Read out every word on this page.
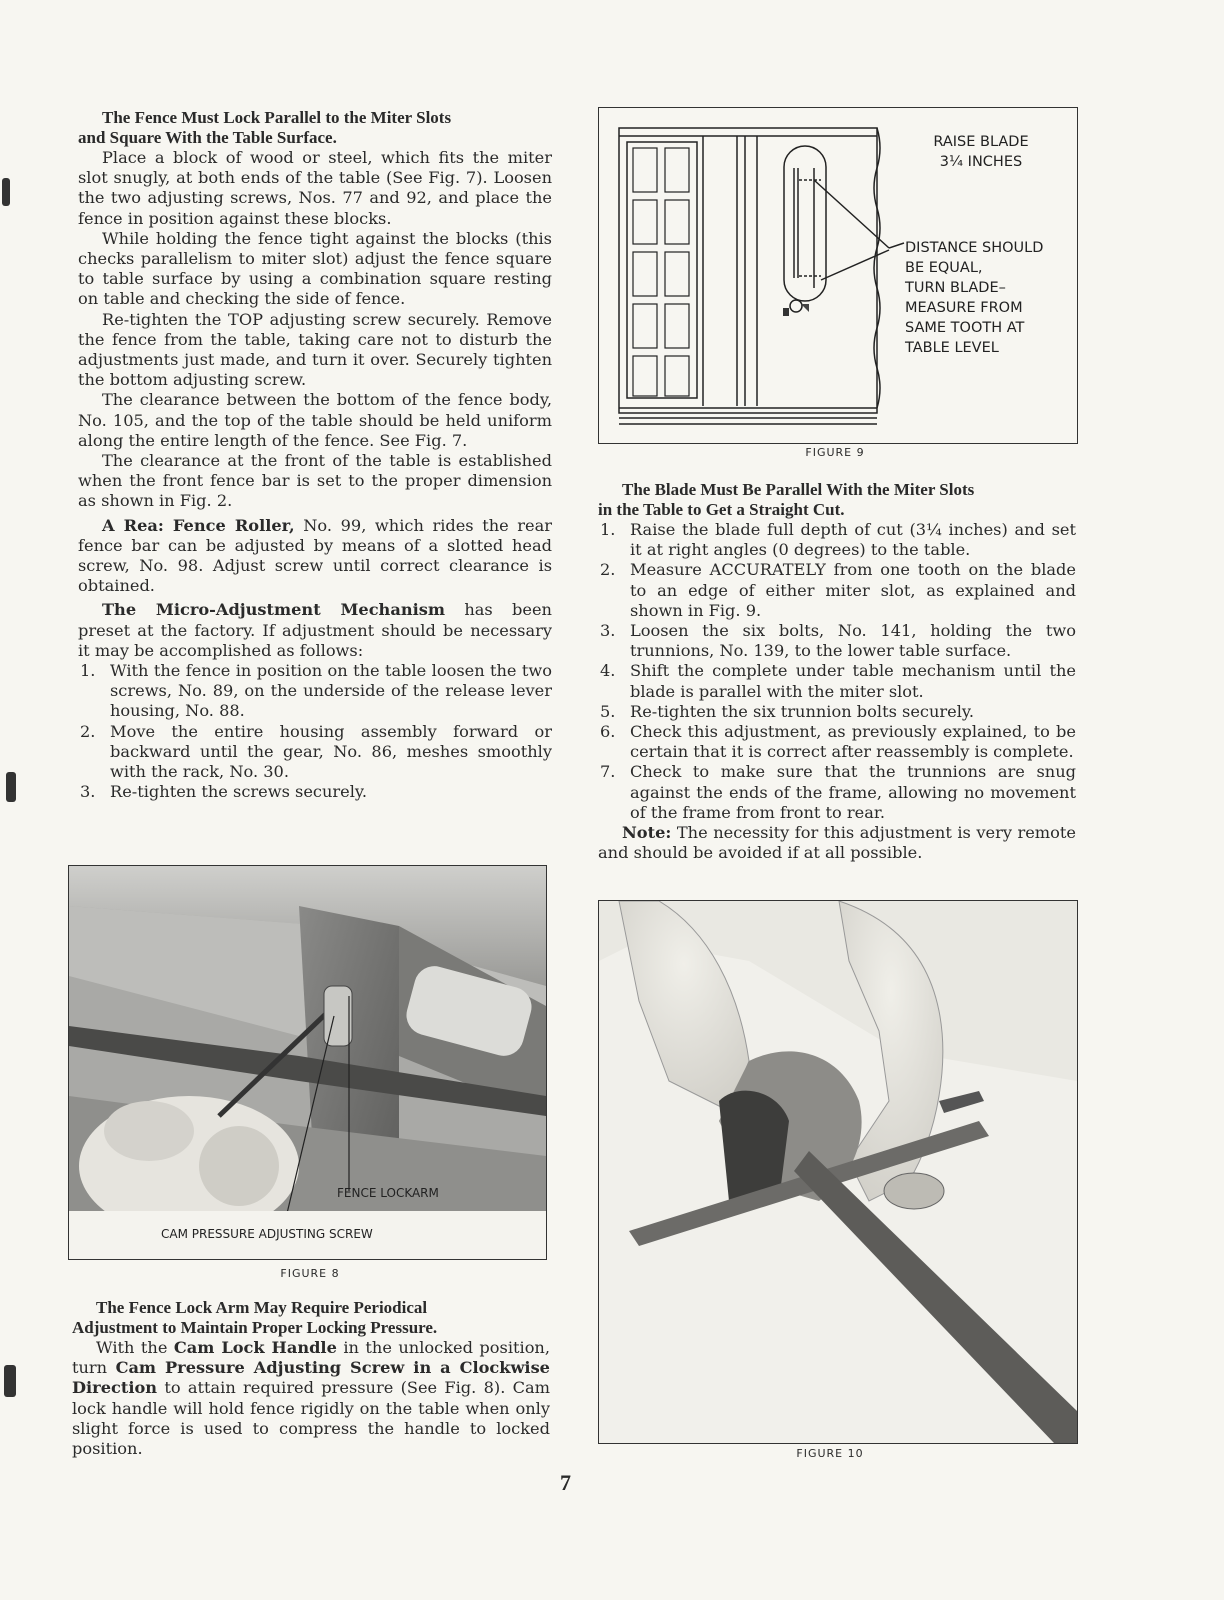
The Fence Must Lock Parallel to the Miter Slots

and Square With the Table Surface.

Place a block of wood or steel, which fits the miter slot snugly, at both ends of the table (See Fig. 7). Loosen the two adjusting screws, Nos. 77 and 92, and place the fence in position against these blocks.

While holding the fence tight against the blocks (this checks parallelism to miter slot) adjust the fence square to table surface by using a combination square resting on table and checking the side of fence.

Re-tighten the TOP adjusting screw securely. Remove the fence from the table, taking care not to disturb the adjustments just made, and turn it over. Securely tighten the bottom adjusting screw.

The clearance between the bottom of the fence body, No. 105, and the top of the table should be held uniform along the entire length of the fence. See Fig. 7.

The clearance at the front of the table is established when the front fence bar is set to the proper dimension as shown in Fig. 2.

A Rea: Fence Roller, No. 99, which rides the rear fence bar can be adjusted by means of a slotted head screw, No. 98. Adjust screw until correct clearance is obtained.

The Micro-Adjustment Mechanism has been preset at the factory. If adjustment should be necessary it may be accomplished as follows:

1. With the fence in position on the table loosen the two screws, No. 89, on the underside of the release lever housing, No. 88.
2. Move the entire housing assembly forward or backward until the gear, No. 86, meshes smoothly with the rack, No. 30.
3. Re-tighten the screws securely.
FENCE LOCKARM
CAM PRESSURE ADJUSTING SCREW
FIGURE 8

The Fence Lock Arm May Require Periodical

Adjustment to Maintain Proper Locking Pressure.

With the Cam Lock Handle in the unlocked position, turn Cam Pressure Adjusting Screw in a Clockwise Direction to attain required pressure (See Fig. 8). Cam lock handle will hold fence rigidly on the table when only slight force is used to compress the handle to locked position.

RAISE BLADE
3¼ INCHES
DISTANCE SHOULD
BE EQUAL,
TURN BLADE–
MEASURE FROM
SAME TOOTH AT
TABLE LEVEL
FIGURE 9

The Blade Must Be Parallel With the Miter Slots

in the Table to Get a Straight Cut.

1. Raise the blade full depth of cut (3¼ inches) and set it at right angles (0 degrees) to the table.
2. Measure ACCURATELY from one tooth on the blade to an edge of either miter slot, as explained and shown in Fig. 9.
3. Loosen the six bolts, No. 141, holding the two trunnions, No. 139, to the lower table surface.
4. Shift the complete under table mechanism until the blade is parallel with the miter slot.
5. Re-tighten the six trunnion bolts securely.
6. Check this adjustment, as previously explained, to be certain that it is correct after reassembly is complete.
7. Check to make sure that the trunnions are snug against the ends of the frame, allowing no movement of the frame from front to rear.

Note: The necessity for this adjustment is very remote and should be avoided if at all possible.

FIGURE 10
7
